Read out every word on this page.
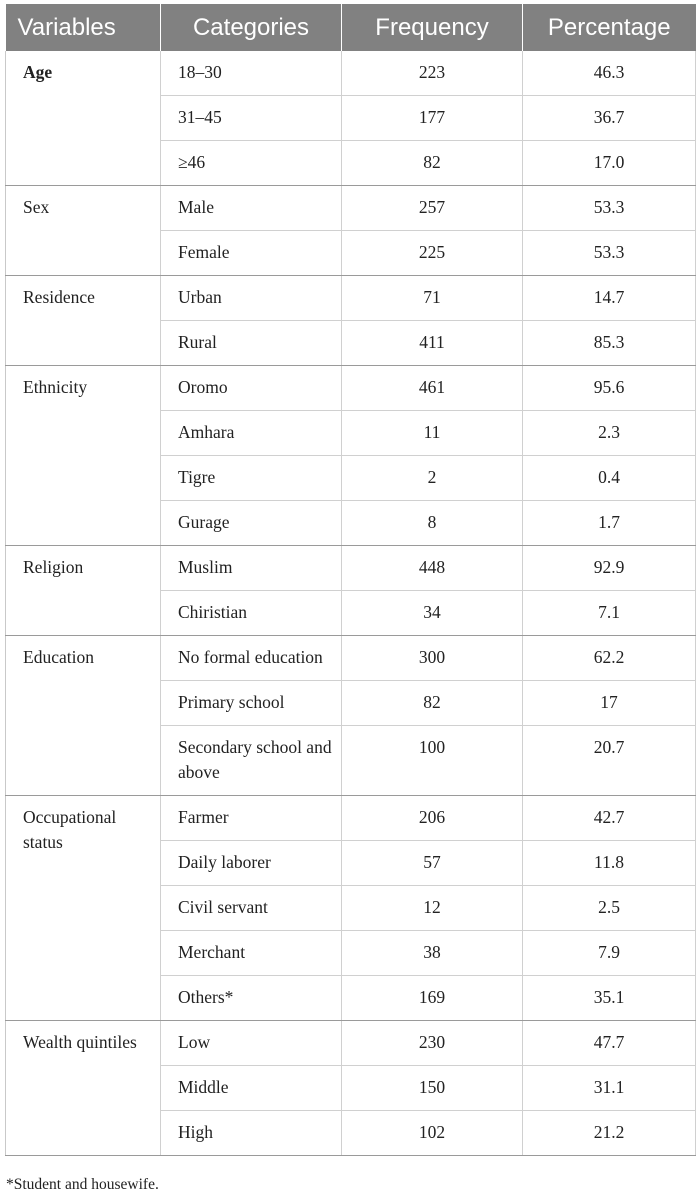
Variables	Categories	Frequency	Percentage
Age	18–30	223	46.3
	31–45	177	36.7
	≥46	82	17.0
Sex	Male	257	53.3
	Female	225	53.3
Residence	Urban	71	14.7
	Rural	411	85.3
Ethnicity	Oromo	461	95.6
	Amhara	11	2.3
	Tigre	2	0.4
	Gurage	8	1.7
Religion	Muslim	448	92.9
	Chiristian	34	7.1
Education	No formal education	300	62.2
	Primary school	82	17
	Secondary school and above	100	20.7
Occupational status	Farmer	206	42.7
	Daily laborer	57	11.8
	Civil servant	12	2.5
	Merchant	38	7.9
	Others*	169	35.1
Wealth quintiles	Low	230	47.7
	Middle	150	31.1
	High	102	21.2
*Student and housewife.
